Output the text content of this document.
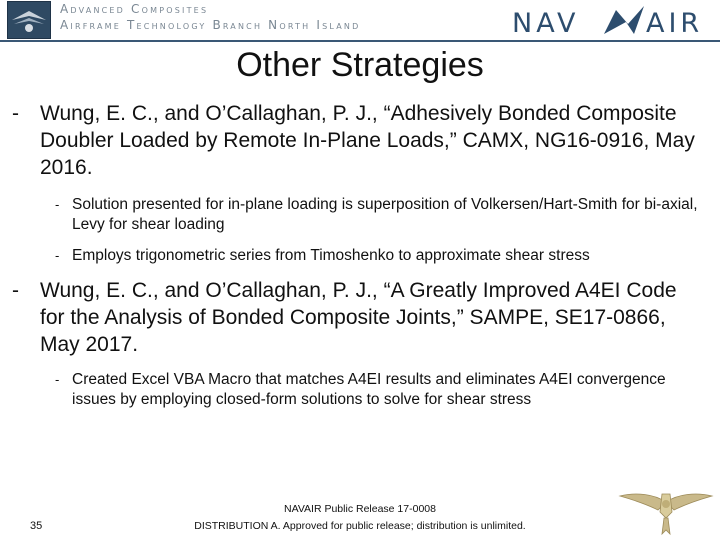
Advanced Composites
Airframe Technology Branch North Island	NAV AIR
Other Strategies
- Wung, E. C., and O’Callaghan, P. J., “Adhesively Bonded Composite Doubler Loaded by Remote In-Plane Loads,” CAMX, NG16-0916, May 2016.
- Solution presented for in-plane loading is superposition of Volkersen/Hart-Smith for bi-axial, Levy for shear loading
- Employs trigonometric series from Timoshenko to approximate shear stress
- Wung, E. C., and O’Callaghan, P. J., “A Greatly Improved A4EI Code for the Analysis of Bonded Composite Joints,” SAMPE, SE17-0866, May 2017.
- Created Excel VBA Macro that matches A4EI results and eliminates A4EI convergence issues by employing closed-form solutions to solve for shear stress
35
NAVAIR Public Release 17-0008
DISTRIBUTION A. Approved for public release; distribution is unlimited.
